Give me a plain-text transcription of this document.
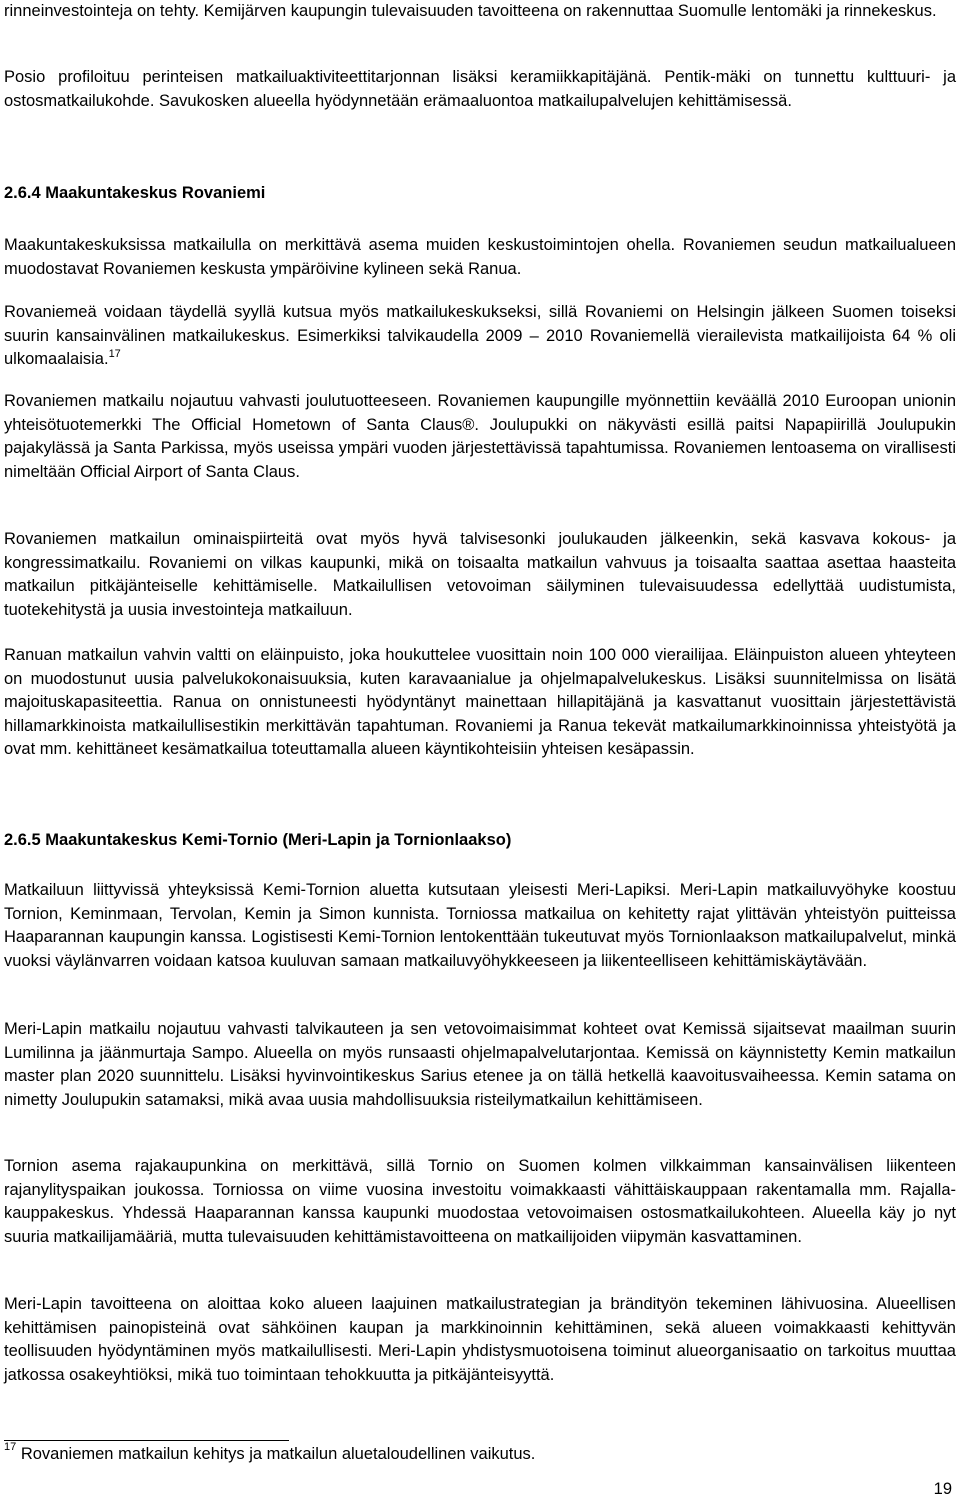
rinneinvestointeja on tehty. Kemijärven kaupungin tulevaisuuden tavoitteena on rakennuttaa Suomulle lentomäki ja rinnekeskus.

Posio profiloituu perinteisen matkailuaktiviteettitarjonnan lisäksi keramiikkapitäjänä. Pentik-mäki on tunnettu kulttuuri- ja ostosmatkailukohde. Savukosken alueella hyödynnetään erämaaluontoa matkailupalvelujen kehittämisessä.

2.6.4 Maakuntakeskus Rovaniemi

Maakuntakeskuksissa matkailulla on merkittävä asema muiden keskustoimintojen ohella. Rovaniemen seudun matkailualueen muodostavat Rovaniemen keskusta ympäröivine kylineen sekä Ranua.

Rovaniemeä voidaan täydellä syyllä kutsua myös matkailukeskukseksi, sillä Rovaniemi on Helsingin jälkeen Suomen toiseksi suurin kansainvälinen matkailukeskus. Esimerkiksi talvikaudella 2009 – 2010 Rovaniemellä vierailevista matkailijoista 64 % oli ulkomaalaisia.$^{17}$

Rovaniemen matkailu nojautuu vahvasti joulutuotteeseen. Rovaniemen kaupungille myönnettiin keväällä 2010 Euroopan unionin yhteisötuotemerkki The Official Hometown of Santa Claus®. Joulupukki on näkyvästi esillä paitsi Napapiirillä Joulupukin pajakylässä ja Santa Parkissa, myös useissa ympäri vuoden järjestettävissä tapahtumissa. Rovaniemen lentoasema on virallisesti nimeltään Official Airport of Santa Claus.

Rovaniemen matkailun ominaispiirteitä ovat myös hyvä talvisesonki joulukauden jälkeenkin, sekä kasvava kokous- ja kongressimatkailu. Rovaniemi on vilkas kaupunki, mikä on toisaalta matkailun vahvuus ja toisaalta saattaa asettaa haasteita matkailun pitkäjänteiselle kehittämiselle. Matkailullisen vetovoiman säilyminen tulevaisuudessa edellyttää uudistumista, tuotekehitystä ja uusia investointeja matkailuun.

Ranuan matkailun vahvin valtti on eläinpuisto, joka houkuttelee vuosittain noin 100 000 vierailijaa. Eläinpuiston alueen yhteyteen on muodostunut uusia palvelukokonaisuuksia, kuten karavaanialue ja ohjelmapalvelukeskus. Lisäksi suunnitelmissa on lisätä majoituskapasiteettia. Ranua on onnistuneesti hyödyntänyt mainettaan hillapitäjänä ja kasvattanut vuosittain järjestettävistä hillamarkkinoista matkailullisestikin merkittävän tapahtuman. Rovaniemi ja Ranua tekevät matkailumarkkinoinnissa yhteistyötä ja ovat mm. kehittäneet kesämatkailua toteuttamalla alueen käyntikohteisiin yhteisen kesäpassin.

2.6.5 Maakuntakeskus Kemi-Tornio (Meri-Lapin ja Tornionlaakso)

Matkailuun liittyvissä yhteyksissä Kemi-Tornion aluetta kutsutaan yleisesti Meri-Lapiksi. Meri-Lapin matkailuvyöhyke koostuu Tornion, Keminmaan, Tervolan, Kemin ja Simon kunnista. Torniossa matkailua on kehitetty rajat ylittävän yhteistyön puitteissa Haaparannan kaupungin kanssa. Logistisesti Kemi-Tornion lentokenttään tukeutuvat myös Tornionlaakson matkailupalvelut, minkä vuoksi väylänvarren voidaan katsoa kuuluvan samaan matkailuvyöhykkeeseen ja liikenteelliseen kehittämiskäytävään.

Meri-Lapin matkailu nojautuu vahvasti talvikauteen ja sen vetovoimaisimmat kohteet ovat Kemissä sijaitsevat maailman suurin Lumilinna ja jäänmurtaja Sampo. Alueella on myös runsaasti ohjelmapalvelutarjontaa. Kemissä on käynnistetty Kemin matkailun master plan 2020 suunnittelu. Lisäksi hyvinvointikeskus Sarius etenee ja on tällä hetkellä kaavoitusvaiheessa. Kemin satama on nimetty Joulupukin satamaksi, mikä avaa uusia mahdollisuuksia risteilymatkailun kehittämiseen.

Tornion asema rajakaupunkina on merkittävä, sillä Tornio on Suomen kolmen vilkkaimman kansainvälisen liikenteen rajanylityspaikan joukossa. Torniossa on viime vuosina investoitu voimakkaasti vähittäiskauppaan rakentamalla mm. Rajalla-kauppakeskus. Yhdessä Haaparannan kanssa kaupunki muodostaa vetovoimaisen ostosmatkailukohteen. Alueella käy jo nyt suuria matkailijamääriä, mutta tulevaisuuden kehittämistavoitteena on matkailijoiden viipymän kasvattaminen.

Meri-Lapin tavoitteena on aloittaa koko alueen laajuinen matkailustrategian ja brändityön tekeminen lähivuosina. Alueellisen kehittämisen painopisteinä ovat sähköinen kaupan ja markkinoinnin kehittäminen, sekä alueen voimakkaasti kehittyvän teollisuuden hyödyntäminen myös matkailullisesti. Meri-Lapin yhdistysmuotoisena toiminut alueorganisaatio on tarkoitus muuttaa jatkossa osakeyhtiöksi, mikä tuo toimintaan tehokkuutta ja pitkäjänteisyyttä.

$^{17}$ Rovaniemen matkailun kehitys ja matkailun aluetaloudellinen vaikutus.
19
